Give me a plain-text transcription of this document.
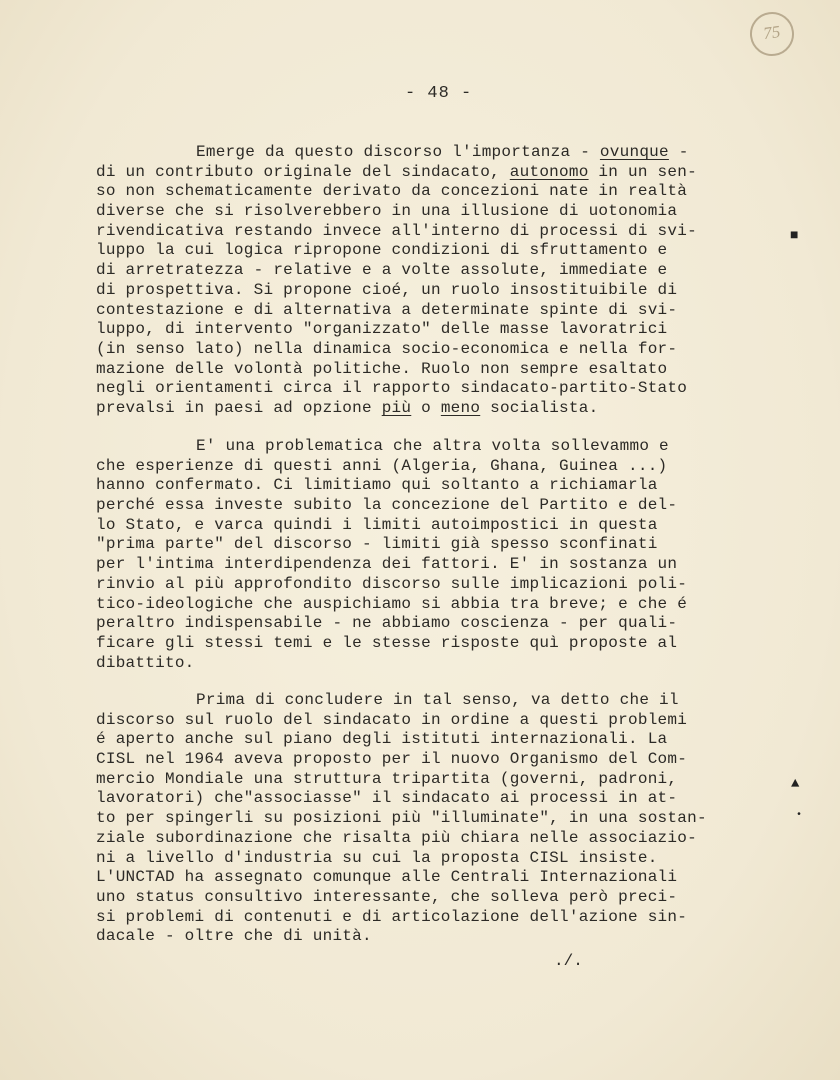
75
- 48 -
Emerge da questo discorso l'importanza - ovunque -
di un contributo originale del sindacato, autonomo in un sen-
so non schematicamente derivato da concezioni nate in realtà
diverse che si risolverebbero in una illusione di uotonomia
rivendicativa restando invece all'interno di processi di svi-
luppo la cui logica ripropone condizioni di sfruttamento e
di arretratezza - relative e a volte assolute, immediate e
di prospettiva. Si propone cioé, un ruolo insostituibile di
contestazione e di alternativa a determinate spinte di svi-
luppo, di intervento "organizzato" delle masse lavoratrici
(in senso lato) nella dinamica socio-economica e nella for-
mazione delle volontà politiche. Ruolo non sempre esaltato
negli orientamenti circa il rapporto sindacato-partito-Stato
prevalsi in paesi ad opzione più o meno socialista.
E' una problematica che altra volta sollevammo e
che esperienze di questi anni (Algeria, Ghana, Guinea ...)
hanno confermato. Ci limitiamo qui soltanto a richiamarla
perché essa investe subito la concezione del Partito e del-
lo Stato, e varca quindi i limiti autoimpostici in questa
"prima parte" del discorso - limiti già spesso sconfinati
per l'intima interdipendenza dei fattori. E' in sostanza un
rinvio al più approfondito discorso sulle implicazioni poli-
tico-ideologiche che auspichiamo si abbia tra breve; e che é
peraltro indispensabile - ne abbiamo coscienza - per quali-
ficare gli stessi temi e le stesse risposte quì proposte al
dibattito.
Prima di concludere in tal senso, va detto che il
discorso sul ruolo del sindacato in ordine a questi problemi
é aperto anche sul piano degli istituti internazionali. La
CISL nel 1964 aveva proposto per il nuovo Organismo del Com-
mercio Mondiale una struttura tripartita (governi, padroni,
lavoratori) che"associasse" il sindacato ai processi in at-
to per spingerli su posizioni più "illuminate", in una sostan-
ziale subordinazione che risalta più chiara nelle associazio-
ni a livello d'industria su cui la proposta CISL insiste.
L'UNCTAD ha assegnato comunque alle Centrali Internazionali
uno status consultivo interessante, che solleva però preci-
si problemi di contenuti e di articolazione dell'azione sin-
dacale - oltre che di unità.
./.
■
▲
•
